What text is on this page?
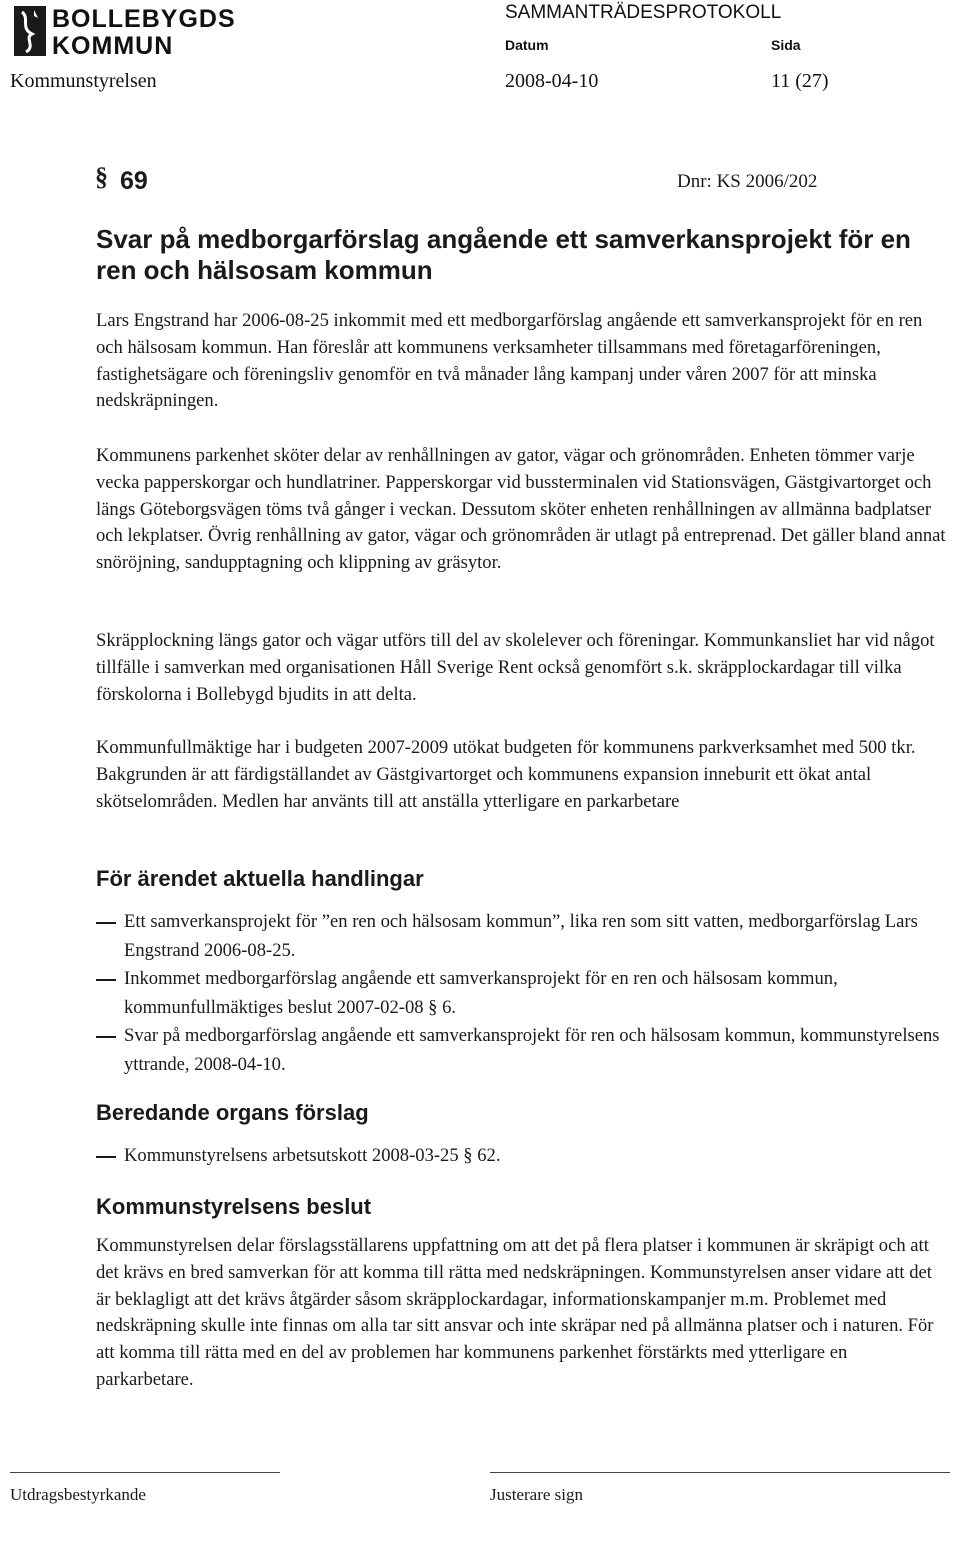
BOLLEBYGDS
KOMMUN
SAMMANTRÄDESPROTOKOLL
Datum	Sida
Kommunstyrelsen	2008-04-10	11 (27)
§ 69	Dnr: KS 2006/202
Svar på medborgarförslag angående ett samverkansprojekt för en ren och hälsosam kommun

Lars Engstrand har 2006-08-25 inkommit med ett medborgarförslag angående ett samverkansprojekt för en ren och hälsosam kommun. Han föreslår att kommunens verksamheter tillsammans med företagarföreningen, fastighetsägare och föreningsliv genomför en två månader lång kampanj under våren 2007 för att minska nedskräpningen.

Kommunens parkenhet sköter delar av renhållningen av gator, vägar och grönområden. Enheten tömmer varje vecka papperskorgar och hundlatriner. Papperskorgar vid bussterminalen vid Stationsvägen, Gästgivartorget och längs Göteborgsvägen töms två gånger i veckan. Dessutom sköter enheten renhållningen av allmänna badplatser och lekplatser. Övrig renhållning av gator, vägar och grönområden är utlagt på entreprenad. Det gäller bland annat snöröjning, sandupptagning och klippning av gräsytor.

Skräpplockning längs gator och vägar utförs till del av skolelever och föreningar. Kommunkansliet har vid något tillfälle i samverkan med organisationen Håll Sverige Rent också genomfört s.k. skräpplockardagar till vilka förskolorna i Bollebygd bjudits in att delta.

Kommunfullmäktige har i budgeten 2007-2009 utökat budgeten för kommunens parkverksamhet med 500 tkr. Bakgrunden är att färdigställandet av Gästgivartorget och kommunens expansion inneburit ett ökat antal skötselområden. Medlen har använts till att anställa ytterligare en parkarbetare

För ärendet aktuella handlingar
Ett samverkansprojekt för ”en ren och hälsosam kommun”, lika ren som sitt vatten, medborgarförslag Lars Engstrand 2006-08-25.
Inkommet medborgarförslag angående ett samverkansprojekt för en ren och hälsosam kommun, kommunfullmäktiges beslut 2007-02-08 § 6.
Svar på medborgarförslag angående ett samverkansprojekt för ren och hälsosam kommun, kommunstyrelsens yttrande, 2008-04-10.
Beredande organs förslag
Kommunstyrelsens arbetsutskott 2008-03-25 § 62.
Kommunstyrelsens beslut

Kommunstyrelsen delar förslagsställarens uppfattning om att det på flera platser i kommunen är skräpigt och att det krävs en bred samverkan för att komma till rätta med nedskräpningen. Kommunstyrelsen anser vidare att det är beklagligt att det krävs åtgärder såsom skräpplockardagar, informationskampanjer m.m. Problemet med nedskräpning skulle inte finnas om alla tar sitt ansvar och inte skräpar ned på allmänna platser och i naturen. För att komma till rätta med en del av problemen har kommunens parkenhet förstärkts med ytterligare en parkarbetare.

Utdragsbestyrkande	Justerare sign
